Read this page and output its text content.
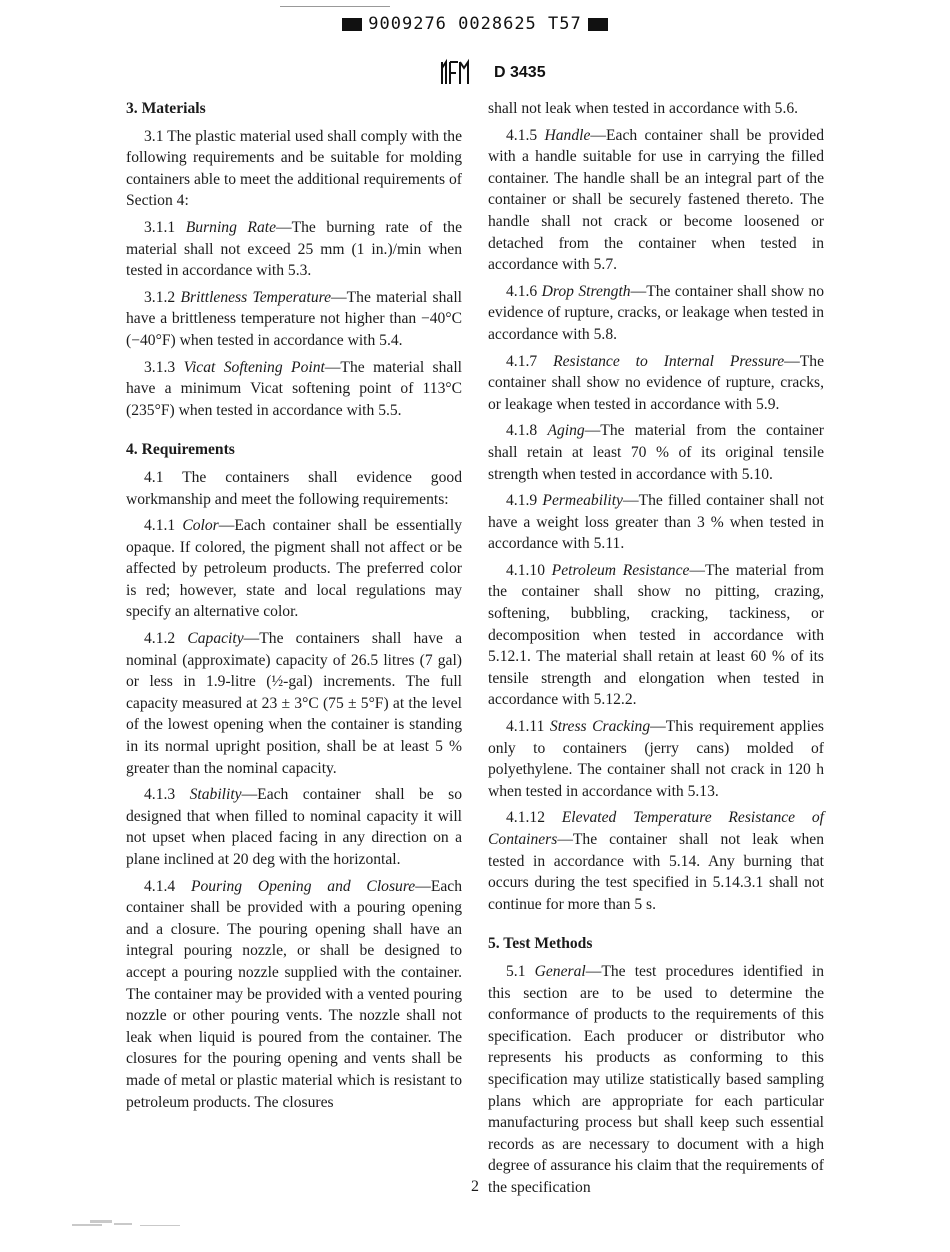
9009276 0028625 T57
D 3435
3. Materials

3.1 The plastic material used shall comply with the following requirements and be suitable for molding containers able to meet the additional requirements of Section 4:

3.1.1 Burning Rate—The burning rate of the material shall not exceed 25 mm (1 in.)/min when tested in accordance with 5.3.

3.1.2 Brittleness Temperature—The material shall have a brittleness temperature not higher than −40°C (−40°F) when tested in accordance with 5.4.

3.1.3 Vicat Softening Point—The material shall have a minimum Vicat softening point of 113°C (235°F) when tested in accordance with 5.5.

4. Requirements

4.1 The containers shall evidence good workmanship and meet the following requirements:

4.1.1 Color—Each container shall be essentially opaque. If colored, the pigment shall not affect or be affected by petroleum products. The preferred color is red; however, state and local regulations may specify an alternative color.

4.1.2 Capacity—The containers shall have a nominal (approximate) capacity of 26.5 litres (7 gal) or less in 1.9-litre (½-gal) increments. The full capacity measured at 23 ± 3°C (75 ± 5°F) at the level of the lowest opening when the container is standing in its normal upright position, shall be at least 5 % greater than the nominal capacity.

4.1.3 Stability—Each container shall be so designed that when filled to nominal capacity it will not upset when placed facing in any direction on a plane inclined at 20 deg with the horizontal.

4.1.4 Pouring Opening and Closure—Each container shall be provided with a pouring opening and a closure. The pouring opening shall have an integral pouring nozzle, or shall be designed to accept a pouring nozzle supplied with the container. The container may be provided with a vented pouring nozzle or other pouring vents. The nozzle shall not leak when liquid is poured from the container. The closures for the pouring opening and vents shall be made of metal or plastic material which is resistant to petroleum products. The closures

shall not leak when tested in accordance with 5.6.

4.1.5 Handle—Each container shall be provided with a handle suitable for use in carrying the filled container. The handle shall be an integral part of the container or shall be securely fastened thereto. The handle shall not crack or become loosened or detached from the container when tested in accordance with 5.7.

4.1.6 Drop Strength—The container shall show no evidence of rupture, cracks, or leakage when tested in accordance with 5.8.

4.1.7 Resistance to Internal Pressure—The container shall show no evidence of rupture, cracks, or leakage when tested in accordance with 5.9.

4.1.8 Aging—The material from the container shall retain at least 70 % of its original tensile strength when tested in accordance with 5.10.

4.1.9 Permeability—The filled container shall not have a weight loss greater than 3 % when tested in accordance with 5.11.

4.1.10 Petroleum Resistance—The material from the container shall show no pitting, crazing, softening, bubbling, cracking, tackiness, or decomposition when tested in accordance with 5.12.1. The material shall retain at least 60 % of its tensile strength and elongation when tested in accordance with 5.12.2.

4.1.11 Stress Cracking—This requirement applies only to containers (jerry cans) molded of polyethylene. The container shall not crack in 120 h when tested in accordance with 5.13.

4.1.12 Elevated Temperature Resistance of Containers—The container shall not leak when tested in accordance with 5.14. Any burning that occurs during the test specified in 5.14.3.1 shall not continue for more than 5 s.

5. Test Methods

5.1 General—The test procedures identified in this section are to be used to determine the conformance of products to the requirements of this specification. Each producer or distributor who represents his products as conforming to this specification may utilize statistically based sampling plans which are appropriate for each particular manufacturing process but shall keep such essential records as are necessary to document with a high degree of assurance his claim that the requirements of the specification

2
